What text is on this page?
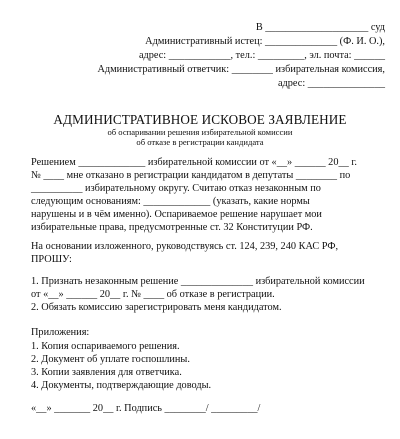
В ____________________ суд
Административный истец: ______________ (Ф. И. О.),
адрес: ____________, тел.: _________, эл. почта: ______
Административный ответчик: ________ избирательная комиссия,
адрес: _______________
АДМИНИСТРАТИВНОЕ ИСКОВОЕ ЗАЯВЛЕНИЕ
об оспаривании решения избирательной комиссии
об отказе в регистрации кандидата
Решением _____________ избирательной комиссии от «__» ______ 20__ г.
№ ____ мне отказано в регистрации кандидатом в депутаты ________ по
__________ избирательному округу. Считаю отказ незаконным по
следующим основаниям: _____________ (указать, какие нормы
нарушены и в чём именно). Оспариваемое решение нарушает мои
избирательные права, предусмотренные ст. 32 Конституции РФ.
На основании изложенного, руководствуясь ст. 124, 239, 240 КАС РФ,
ПРОШУ:
1. Признать незаконным решение ______________ избирательной комиссии
от «__» ______ 20__ г. № ____ об отказе в регистрации.
2. Обязать комиссию зарегистрировать меня кандидатом.
Приложения:
1. Копия оспариваемого решения.
2. Документ об уплате госпошлины.
3. Копии заявления для ответчика.
4. Документы, подтверждающие доводы.
«__» _______ 20__ г. Подпись ________/ _________/
